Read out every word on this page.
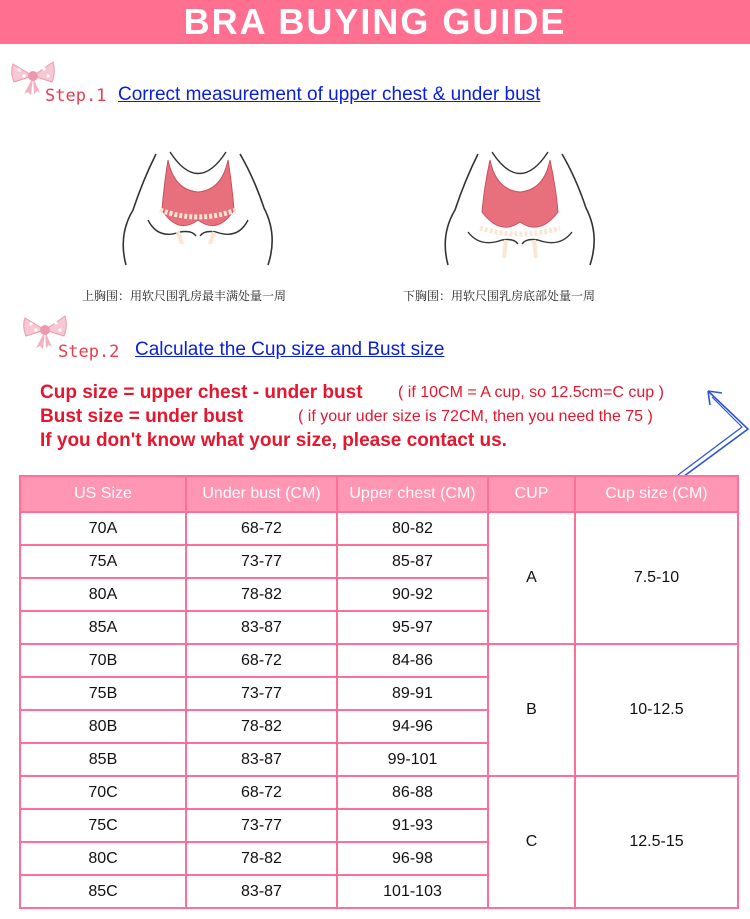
BRA BUYING GUIDE
Step.1 Correct measurement of upper chest & under bust
上胸围：用软尺围乳房最丰满处量一周	下胸围：用软尺围乳房底部处量一周
Step.2 Calculate the Cup size and Bust size
Cup size = upper chest - under bust ( if 10CM = A cup, so 12.5cm=C cup )
Bust size = under bust	( if your uder size is 72CM, then you need the 75 )
If you don't know what your size, please contact us.
US Size	Under bust (CM)	Upper chest (CM)	CUP	Cup size (CM)
70A	68-72	80-82	A	7.5-10
75A	73-77	85-87		
80A	78-82	90-92		
85A	83-87	95-97		
70B	68-72	84-86	B	10-12.5
75B	73-77	89-91		
80B	78-82	94-96		
85B	83-87	99-101		
70C	68-72	86-88	C	12.5-15
75C	73-77	91-93		
80C	78-82	96-98		
85C	83-87	101-103		
